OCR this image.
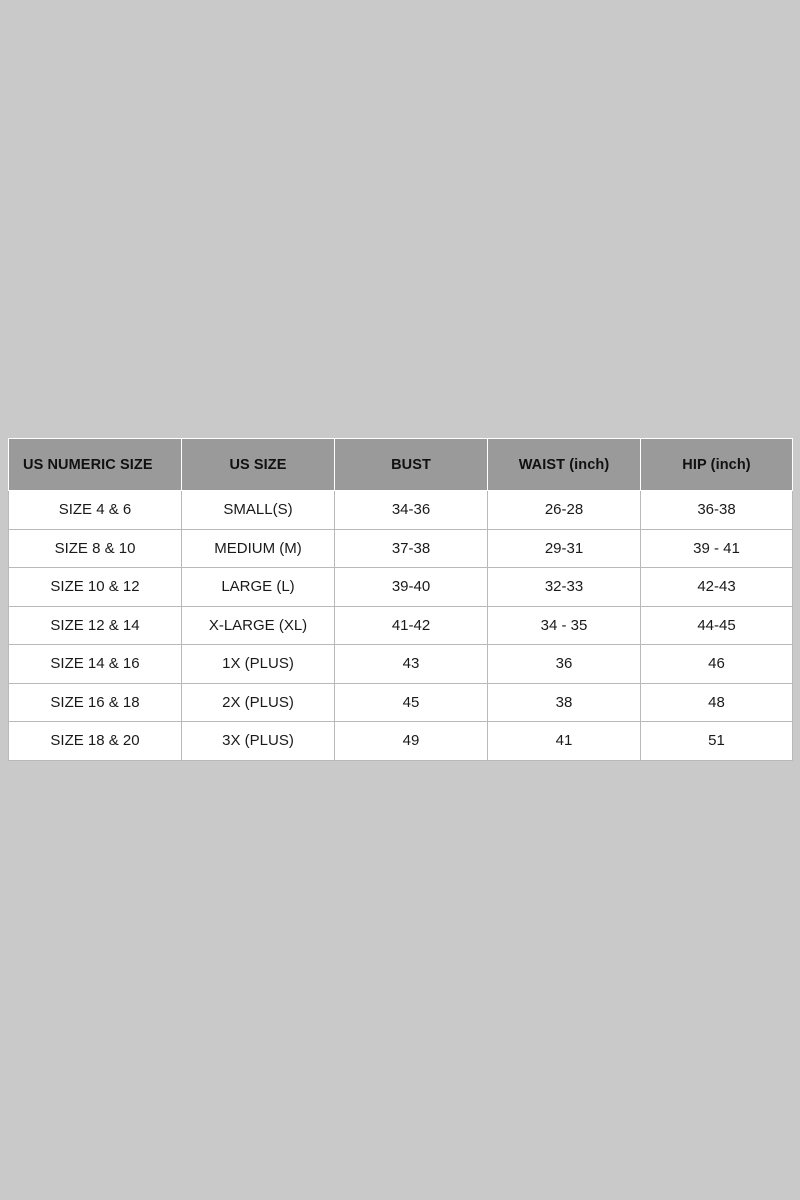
US NUMERIC SIZE	US SIZE	BUST	WAIST (inch)	HIP (inch)
SIZE 4 & 6	SMALL(S)	34-36	26-28	36-38
SIZE 8 & 10	MEDIUM (M)	37-38	29-31	39 - 41
SIZE 10 & 12	LARGE (L)	39-40	32-33	42-43
SIZE 12 & 14	X-LARGE (XL)	41-42	34 - 35	44-45
SIZE 14 & 16	1X (PLUS)	43	36	46
SIZE 16 & 18	2X (PLUS)	45	38	48
SIZE 18 & 20	3X (PLUS)	49	41	51
